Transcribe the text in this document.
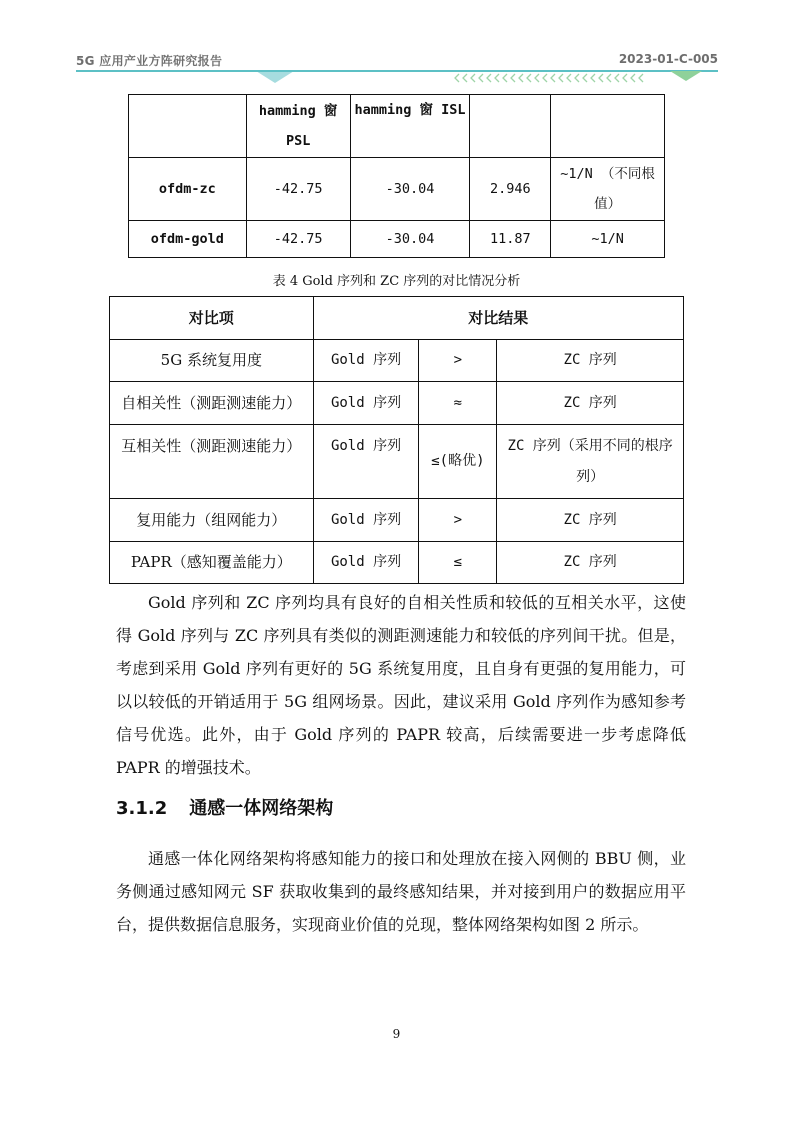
5G 应用产业方阵研究报告	2023-01-C-005
	hamming 窗 PSL	hamming 窗 ISL		
ofdm-zc	-42.75	-30.04	2.946	~1/N （不同根值）
ofdm-gold	-42.75	-30.04	11.87	~1/N
表 4 Gold 序列和 ZC 序列的对比情况分析
对比项	对比结果		
5G 系统复用度	Gold 序列	>	ZC 序列
自相关性（测距测速能力）	Gold 序列	≈	ZC 序列
互相关性（测距测速能力）	Gold 序列	≤(略优)	ZC 序列（采用不同的根序列）
复用能力（组网能力）	Gold 序列	>	ZC 序列
PAPR（感知覆盖能力）	Gold 序列	≤	ZC 序列

Gold 序列和 ZC 序列均具有良好的自相关性质和较低的互相关水平，这使得 Gold 序列与 ZC 序列具有类似的测距测速能力和较低的序列间干扰。但是，考虑到采用 Gold 序列有更好的 5G 系统复用度，且自身有更强的复用能力，可以以较低的开销适用于 5G 组网场景。因此，建议采用 Gold 序列作为感知参考信号优选。此外，由于 Gold 序列的 PAPR 较高，后续需要进一步考虑降低 PAPR 的增强技术。

3.1.2 通感一体网络架构

通感一体化网络架构将感知能力的接口和处理放在接入网侧的 BBU 侧，业务侧通过感知网元 SF 获取收集到的最终感知结果，并对接到用户的数据应用平台，提供数据信息服务，实现商业价值的兑现，整体网络架构如图 2 所示。

9
